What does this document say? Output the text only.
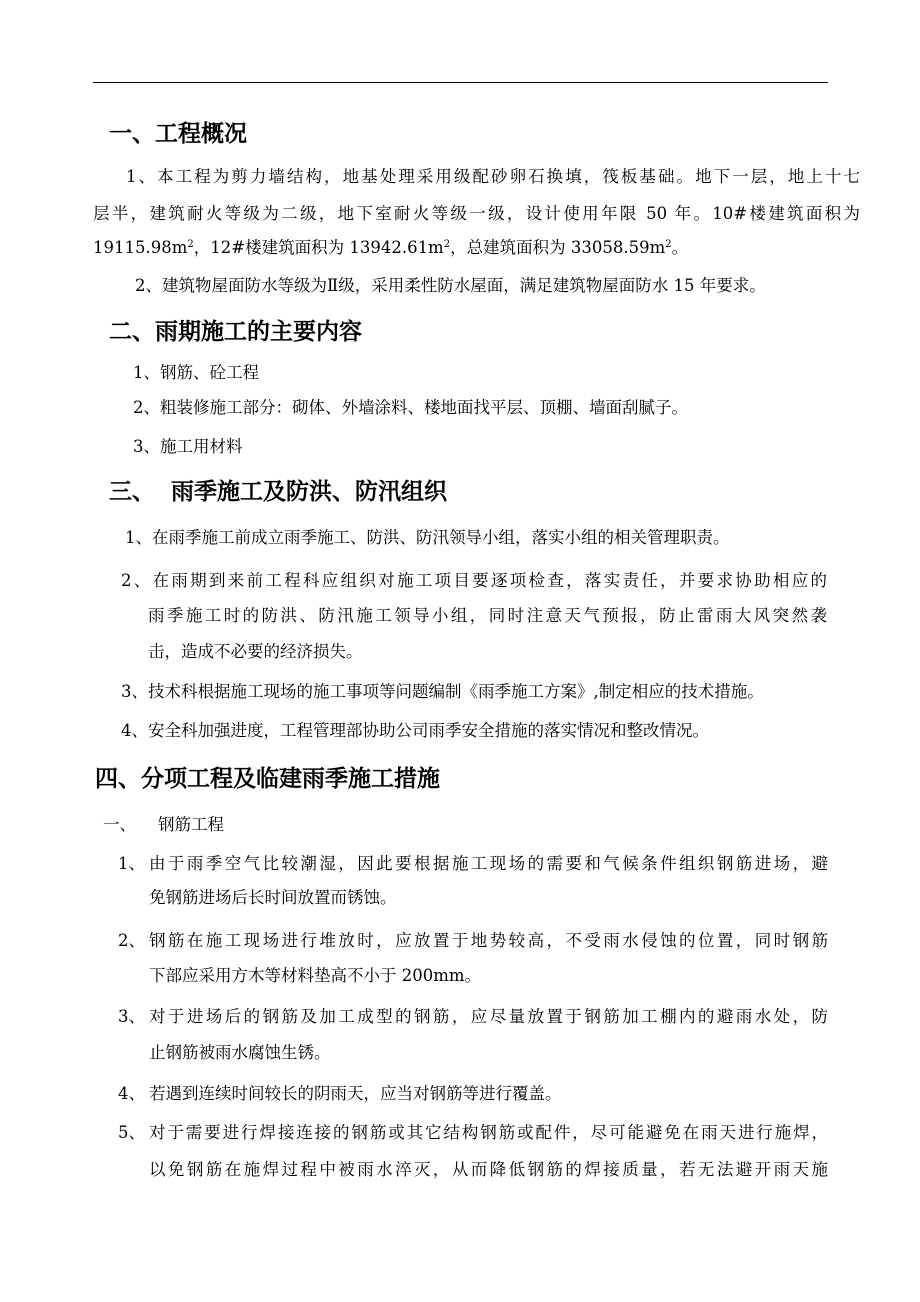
一、工程概况
1、本工程为剪力墙结构，地基处理采用级配砂卵石换填，筏板基础。地下一层，地上十七
层半，建筑耐火等级为二级，地下室耐火等级一级，设计使用年限 50 年。10#楼建筑面积为
$19115.98m^2$，12#楼建筑面积为 $13942.61m^2$，总建筑面积为 $33058.59m^2$。
2、建筑物屋面防水等级为Ⅱ级，采用柔性防水屋面，满足建筑物屋面防水 15 年要求。
二、雨期施工的主要内容
1、钢筋、砼工程
2、粗装修施工部分：砌体、外墙涂料、楼地面找平层、顶棚、墙面刮腻子。
3、施工用材料
三、 雨季施工及防洪、防汛组织
1、在雨季施工前成立雨季施工、防洪、防汛领导小组，落实小组的相关管理职责。
2、在雨期到来前工程科应组织对施工项目要逐项检查，落实责任，并要求协助相应的
雨季施工时的防洪、防汛施工领导小组，同时注意天气预报，防止雷雨大风突然袭
击，造成不必要的经济损失。
3、技术科根据施工现场的施工事项等问题编制《雨季施工方案》,制定相应的技术措施。
4、安全科加强进度，工程管理部协助公司雨季安全措施的落实情况和整改情况。
四、分项工程及临建雨季施工措施
一、 钢筋工程
1、 由于雨季空气比较潮湿，因此要根据施工现场的需要和气候条件组织钢筋进场，避
免钢筋进场后长时间放置而锈蚀。
2、 钢筋在施工现场进行堆放时，应放置于地势较高，不受雨水侵蚀的位置，同时钢筋
下部应采用方木等材料垫高不小于 200mm。
3、 对于进场后的钢筋及加工成型的钢筋，应尽量放置于钢筋加工棚内的避雨水处，防
止钢筋被雨水腐蚀生锈。
4、 若遇到连续时间较长的阴雨天，应当对钢筋等进行覆盖。
5、 对于需要进行焊接连接的钢筋或其它结构钢筋或配件，尽可能避免在雨天进行施焊，
以免钢筋在施焊过程中被雨水淬灭，从而降低钢筋的焊接质量，若无法避开雨天施
